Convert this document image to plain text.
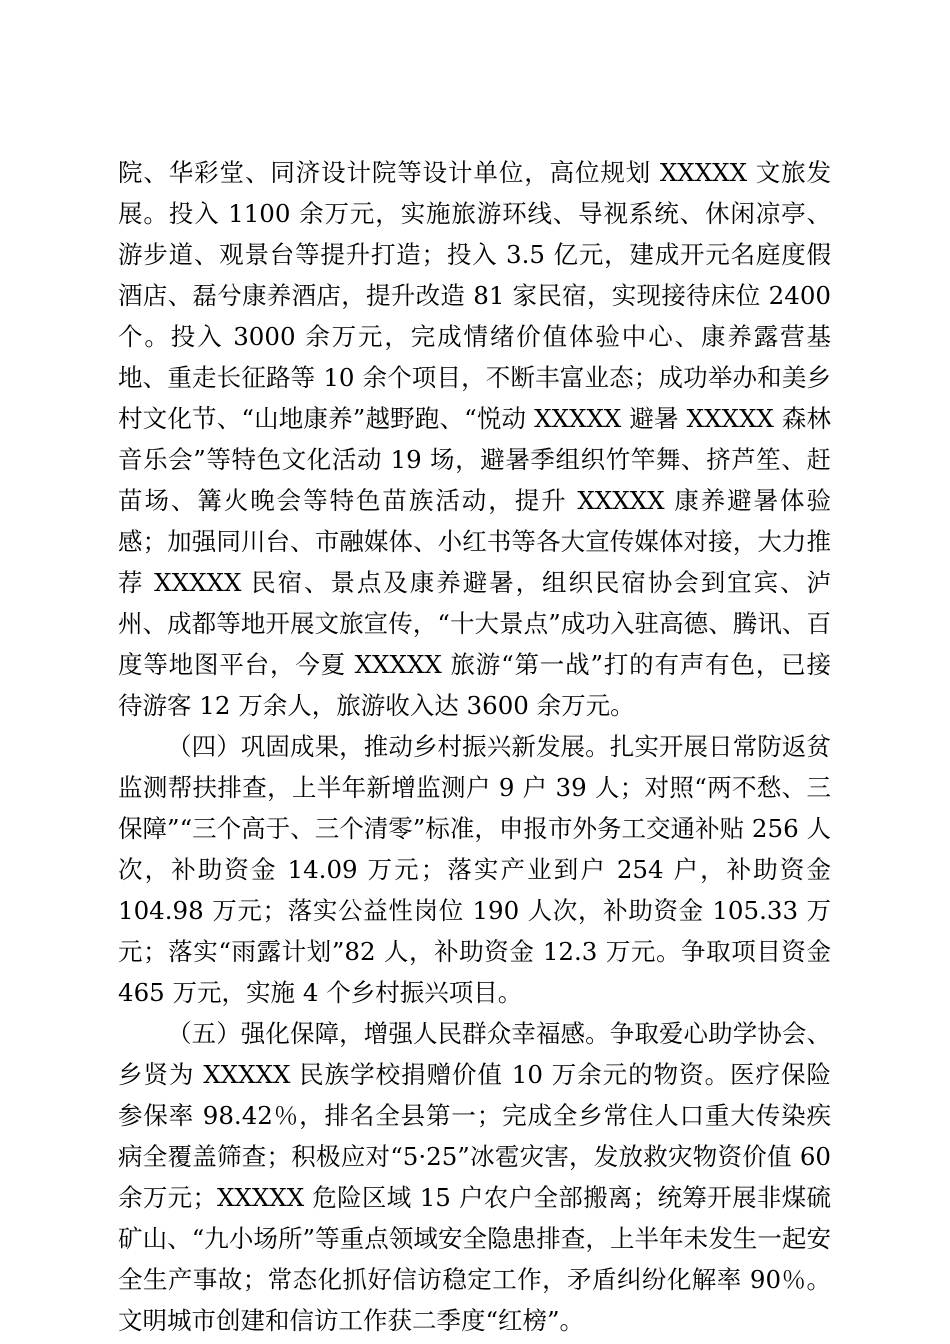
院、华彩堂、同济设计院等设计单位，高位规划 XXXXX 文旅发展。投入 1100 余万元，实施旅游环线、导视系统、休闲凉亭、游步道、观景台等提升打造；投入 3.5 亿元，建成开元名庭度假酒店、磊兮康养酒店，提升改造 81 家民宿，实现接待床位 2400 个。投入 3000 余万元，完成情绪价值体验中心、康养露营基地、重走长征路等 10 余个项目，不断丰富业态；成功举办和美乡村文化节、“山地康养”越野跑、“悦动 XXXXX 避暑 XXXXX 森林音乐会”等特色文化活动 19 场，避暑季组织竹竿舞、挤芦笙、赶苗场、篝火晚会等特色苗族活动，提升 XXXXX 康养避暑体验感；加强同川台、市融媒体、小红书等各大宣传媒体对接，大力推荐 XXXXX 民宿、景点及康养避暑，组织民宿协会到宜宾、泸州、成都等地开展文旅宣传，“十大景点”成功入驻高德、腾讯、百度等地图平台，今夏 XXXXX 旅游“第一战”打的有声有色，已接待游客 12 万余人，旅游收入达 3600 余万元。

（四）巩固成果，推动乡村振兴新发展。扎实开展日常防返贫监测帮扶排查，上半年新增监测户 9 户 39 人；对照“两不愁、三保障”“三个高于、三个清零”标准，申报市外务工交通补贴 256 人次，补助资金 14.09 万元；落实产业到户 254 户，补助资金 104.98 万元；落实公益性岗位 190 人次，补助资金 105.33 万元；落实“雨露计划”82 人，补助资金 12.3 万元。争取项目资金 465 万元，实施 4 个乡村振兴项目。

（五）强化保障，增强人民群众幸福感。争取爱心助学协会、乡贤为 XXXXX 民族学校捐赠价值 10 万余元的物资。医疗保险参保率 98.42％，排名全县第一；完成全乡常住人口重大传染疾病全覆盖筛查；积极应对“5·25”冰雹灾害，发放救灾物资价值 60 余万元；XXXXX 危险区域 15 户农户全部搬离；统筹开展非煤硫矿山、“九小场所”等重点领域安全隐患排查，上半年未发生一起安全生产事故；常态化抓好信访稳定工作，矛盾纠纷化解率 90％。文明城市创建和信访工作获二季度“红榜”。
